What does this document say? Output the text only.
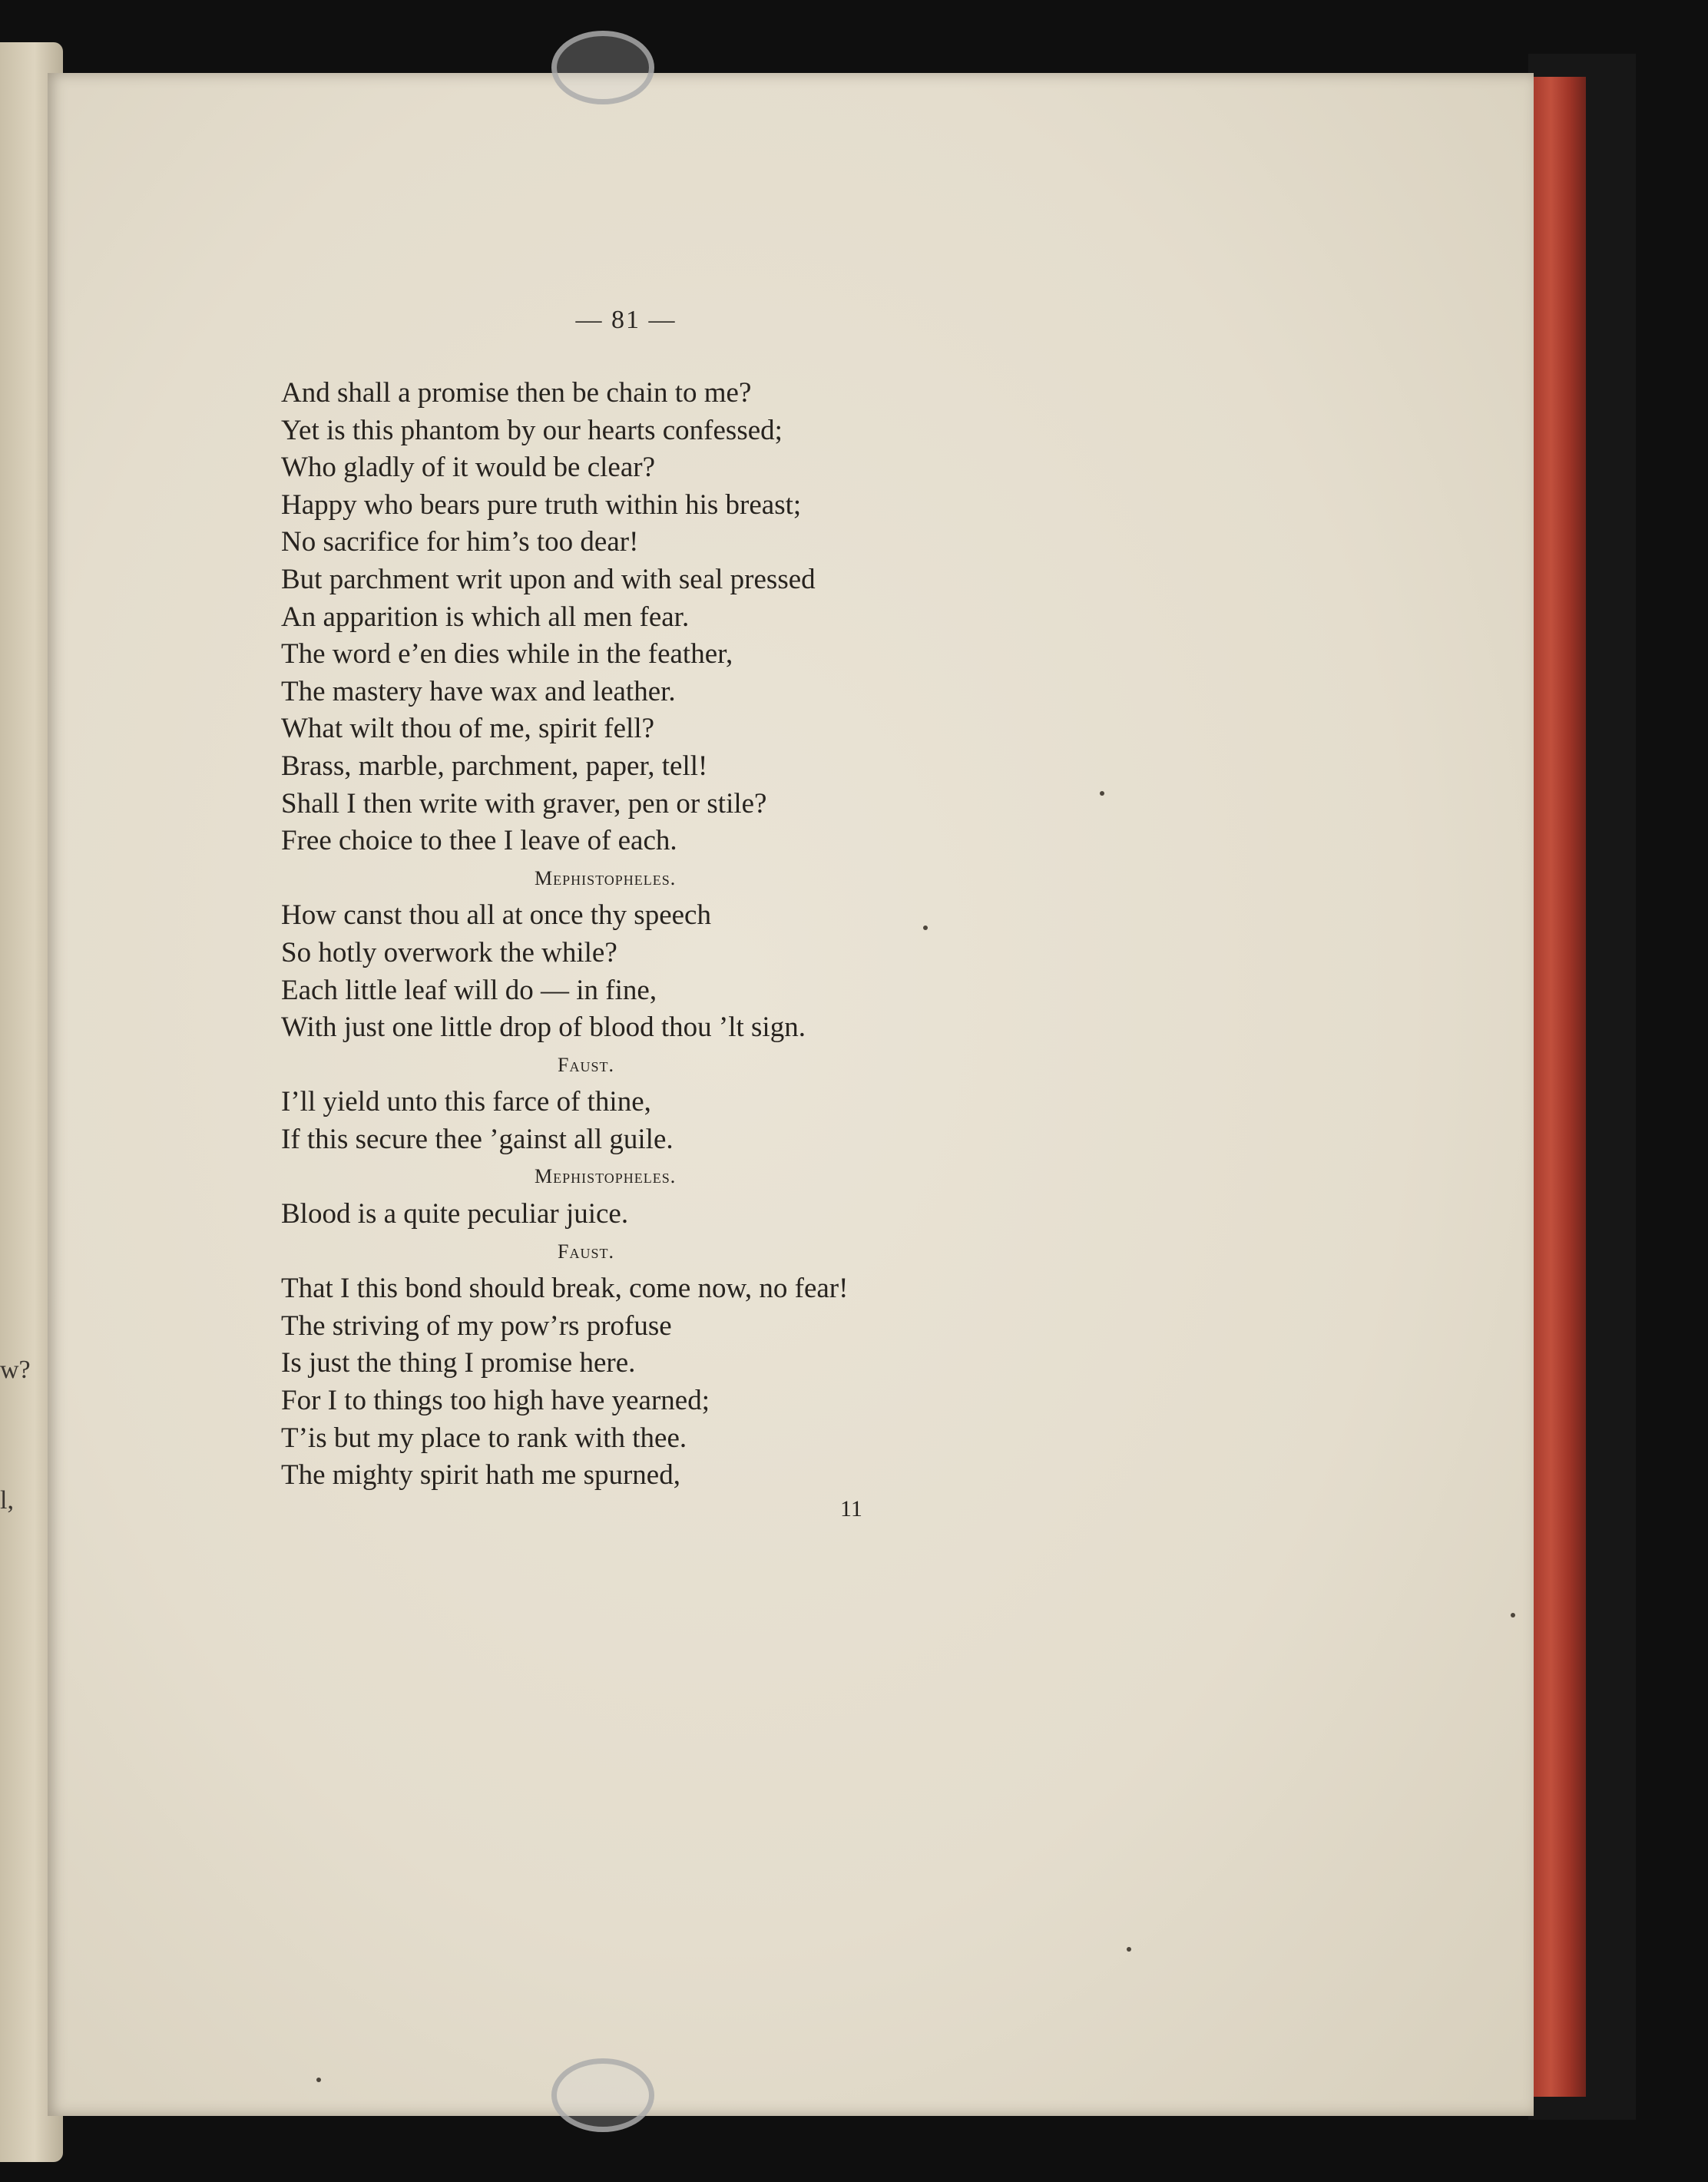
w?
l,
— 81 —
And shall a promise then be chain to me?
Yet is this phantom by our hearts confessed;
Who gladly of it would be clear?
Happy who bears pure truth within his breast;
No sacrifice for him’s too dear!
But parchment writ upon and with seal pressed
An apparition is which all men fear.
The word e’en dies while in the feather,
The mastery have wax and leather.
What wilt thou of me, spirit fell?
Brass, marble, parchment, paper, tell!
Shall I then write with graver, pen or stile?
Free choice to thee I leave of each.
Mephistopheles.
How canst thou all at once thy speech
So hotly overwork the while?
Each little leaf will do — in fine,
With just one little drop of blood thou ’lt sign.
Faust.
I’ll yield unto this farce of thine,
If this secure thee ’gainst all guile.
Mephistopheles.
Blood is a quite peculiar juice.
Faust.
That I this bond should break, come now, no fear!
The striving of my pow’rs profuse
Is just the thing I promise here.
For I to things too high have yearned;
T’is but my place to rank with thee.
The mighty spirit hath me spurned,
11
